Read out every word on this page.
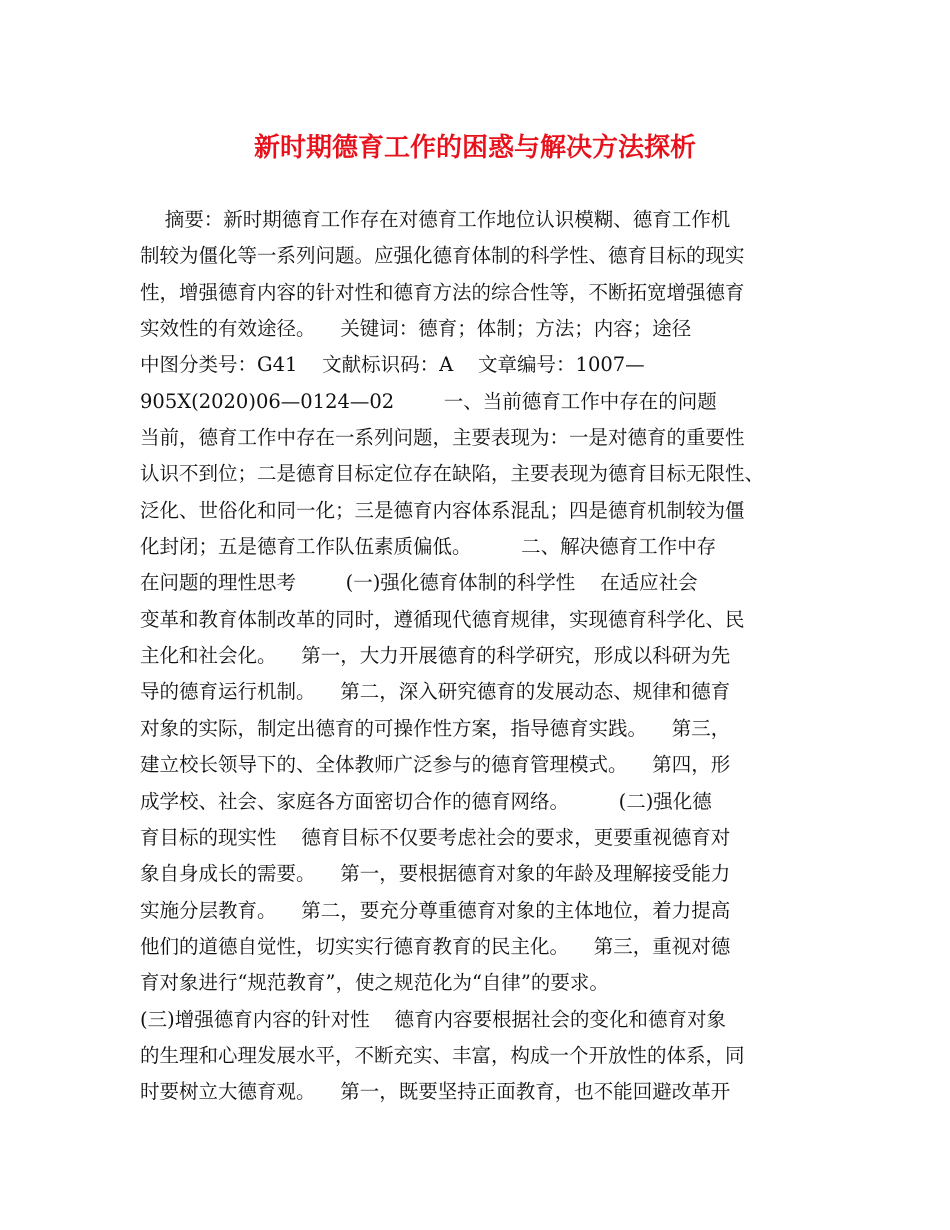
新时期德育工作的困惑与解决方法探析
摘要：新时期德育工作存在对德育工作地位认识模糊、德育工作机
制较为僵化等一系列问题。应强化德育体制的科学性、德育目标的现实
性，增强德育内容的针对性和德育方法的综合性等，不断拓宽增强德育
实效性的有效途径。    关键词：德育；体制；方法；内容；途径
中图分类号：G41    文献标识码：A    文章编号：1007—
905X(2020)06—0124—02        一、当前德育工作中存在的问题
当前，德育工作中存在一系列问题，主要表现为：一是对德育的重要性
认识不到位；二是德育目标定位存在缺陷，主要表现为德育目标无限性、
泛化、世俗化和同一化；三是德育内容体系混乱；四是德育机制较为僵
化封闭；五是德育工作队伍素质偏低。        二、解决德育工作中存
在问题的理性思考        (一)强化德育体制的科学性    在适应社会
变革和教育体制改革的同时，遵循现代德育规律，实现德育科学化、民
主化和社会化。    第一，大力开展德育的科学研究，形成以科研为先
导的德育运行机制。    第二，深入研究德育的发展动态、规律和德育
对象的实际，制定出德育的可操作性方案，指导德育实践。    第三，
建立校长领导下的、全体教师广泛参与的德育管理模式。    第四，形
成学校、社会、家庭各方面密切合作的德育网络。        (二)强化德
育目标的现实性    德育目标不仅要考虑社会的要求，更要重视德育对
象自身成长的需要。    第一，要根据德育对象的年龄及理解接受能力
实施分层教育。    第二，要充分尊重德育对象的主体地位，着力提高
他们的道德自觉性，切实实行德育教育的民主化。    第三，重视对德
育对象进行“规范教育”，使之规范化为“自律”的要求。
(三)增强德育内容的针对性    德育内容要根据社会的变化和德育对象
的生理和心理发展水平，不断充实、丰富，构成一个开放性的体系，同
时要树立大德育观。    第一，既要坚持正面教育，也不能回避改革开
